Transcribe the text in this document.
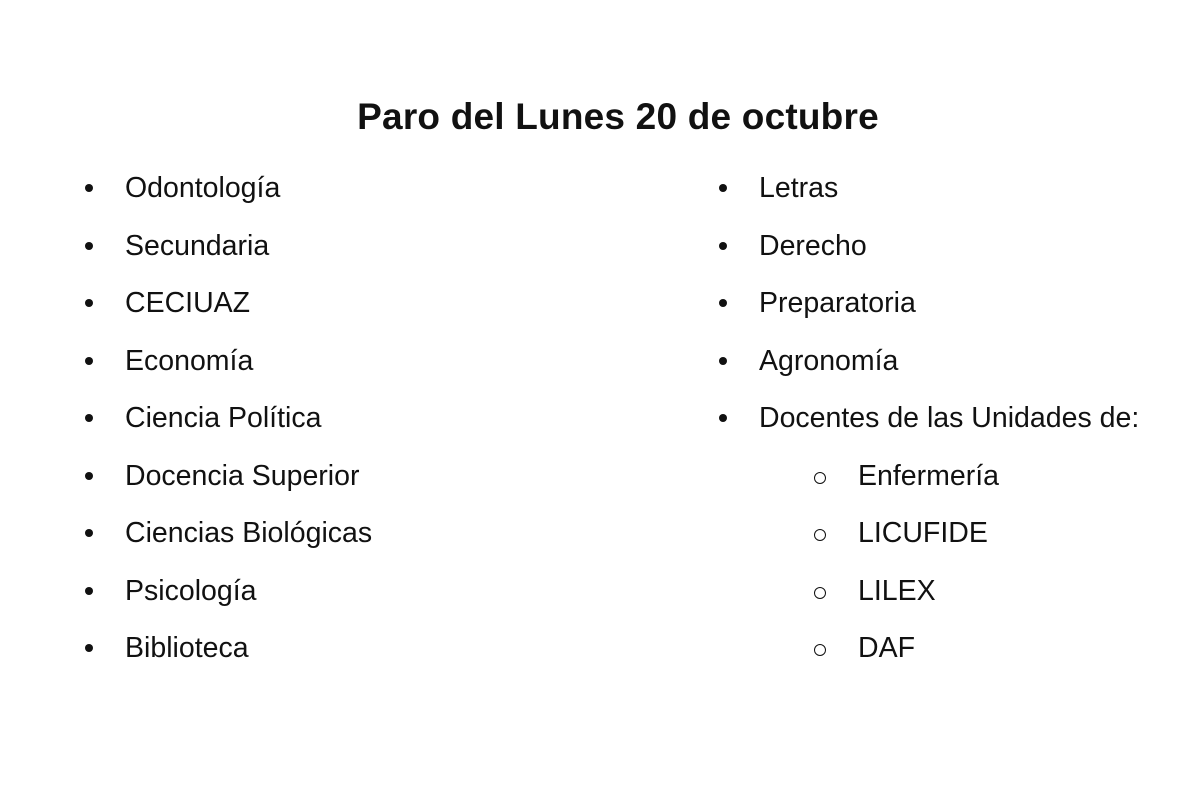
Paro del Lunes 20 de octubre
Odontología
Secundaria
CECIUAZ
Economía
Ciencia Política
Docencia Superior
Ciencias Biológicas
Psicología
Biblioteca
Letras
Derecho
Preparatoria
Agronomía
Docentes de las Unidades de:
Enfermería
LICUFIDE
LILEX
DAF
